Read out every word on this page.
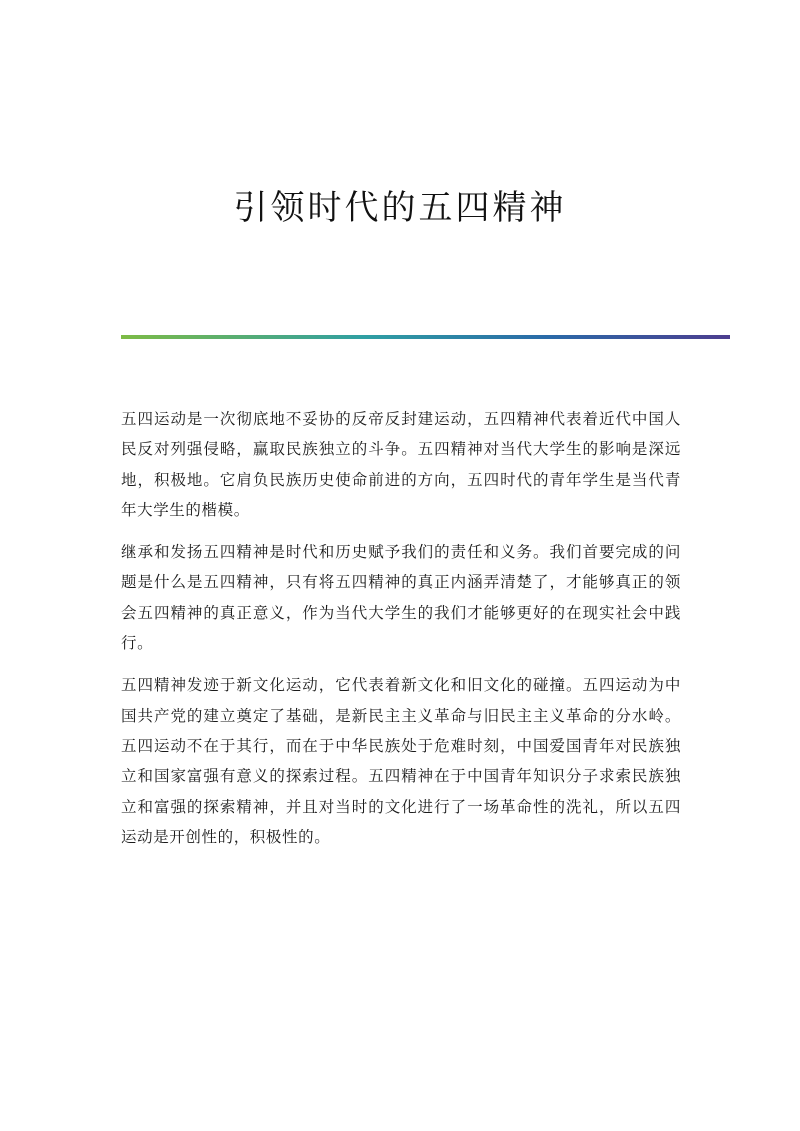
引领时代的五四精神

五四运动是一次彻底地不妥协的反帝反封建运动，五四精神代表着近代中国人民反对列强侵略，赢取民族独立的斗争。五四精神对当代大学生的影响是深远地，积极地。它肩负民族历史使命前进的方向，五四时代的青年学生是当代青年大学生的楷模。

继承和发扬五四精神是时代和历史赋予我们的责任和义务。我们首要完成的问题是什么是五四精神，只有将五四精神的真正内涵弄清楚了，才能够真正的领会五四精神的真正意义，作为当代大学生的我们才能够更好的在现实社会中践行。

五四精神发迹于新文化运动，它代表着新文化和旧文化的碰撞。五四运动为中国共产党的建立奠定了基础，是新民主主义革命与旧民主主义革命的分水岭。五四运动不在于其行，而在于中华民族处于危难时刻，中国爱国青年对民族独立和国家富强有意义的探索过程。五四精神在于中国青年知识分子求索民族独立和富强的探索精神，并且对当时的文化进行了一场革命性的洗礼，所以五四运动是开创性的，积极性的。
